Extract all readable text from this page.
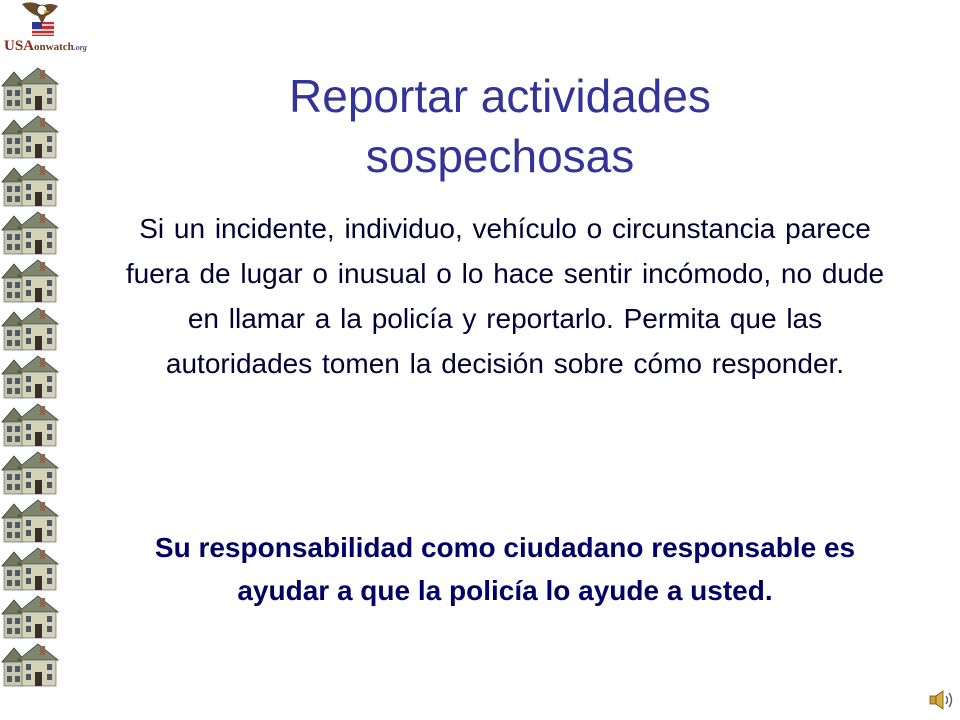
USAonwatch.org
Reportar actividades sospechosas

Si un incidente, individuo, vehículo o circunstancia parece fuera de lugar o inusual o lo hace sentir incómodo, no dude en llamar a la policía y reportarlo. Permita que las autoridades tomen la decisión sobre cómo responder.

Su responsabilidad como ciudadano responsable es ayudar a que la policía lo ayude a usted.
